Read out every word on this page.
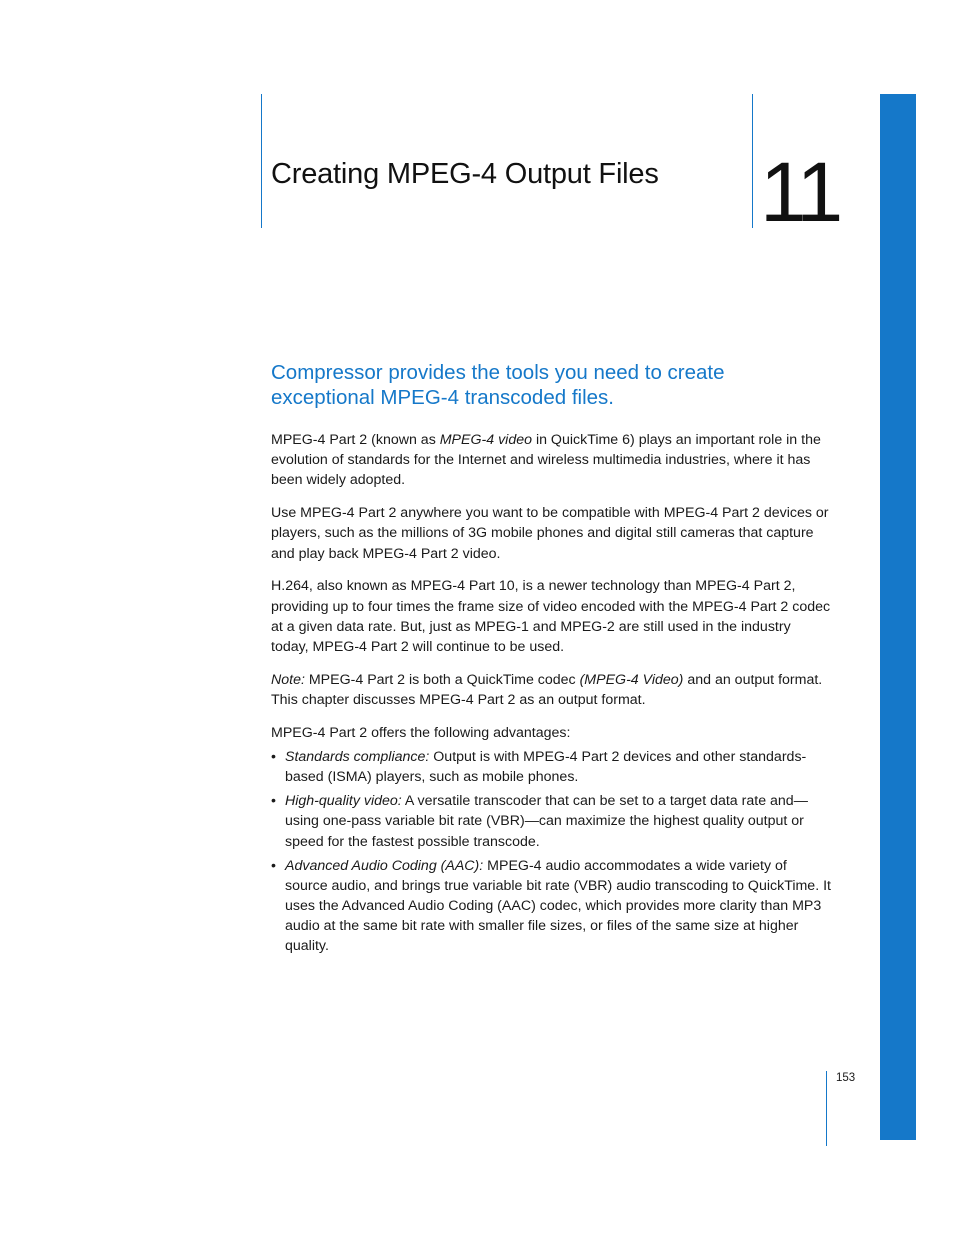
Creating MPEG-4 Output Files 11

Compressor provides the tools you need to create exceptional MPEG-4 transcoded files.

MPEG-4 Part 2 (known as MPEG-4 video in QuickTime 6) plays an important role in the evolution of standards for the Internet and wireless multimedia industries, where it has been widely adopted.

Use MPEG-4 Part 2 anywhere you want to be compatible with MPEG-4 Part 2 devices or players, such as the millions of 3G mobile phones and digital still cameras that capture and play back MPEG-4 Part 2 video.

H.264, also known as MPEG-4 Part 10, is a newer technology than MPEG-4 Part 2, providing up to four times the frame size of video encoded with the MPEG-4 Part 2 codec at a given data rate. But, just as MPEG-1 and MPEG-2 are still used in the industry today, MPEG-4 Part 2 will continue to be used.

Note: MPEG-4 Part 2 is both a QuickTime codec (MPEG-4 Video) and an output format. This chapter discusses MPEG-4 Part 2 as an output format.

MPEG-4 Part 2 offers the following advantages:

• Standards compliance: Output is with MPEG-4 Part 2 devices and other standards-based (ISMA) players, such as mobile phones.
• High-quality video: A versatile transcoder that can be set to a target data rate and—using one-pass variable bit rate (VBR)—can maximize the highest quality output or speed for the fastest possible transcode.
• Advanced Audio Coding (AAC): MPEG-4 audio accommodates a wide variety of source audio, and brings true variable bit rate (VBR) audio transcoding to QuickTime. It uses the Advanced Audio Coding (AAC) codec, which provides more clarity than MP3 audio at the same bit rate with smaller file sizes, or files of the same size at higher quality.
153
